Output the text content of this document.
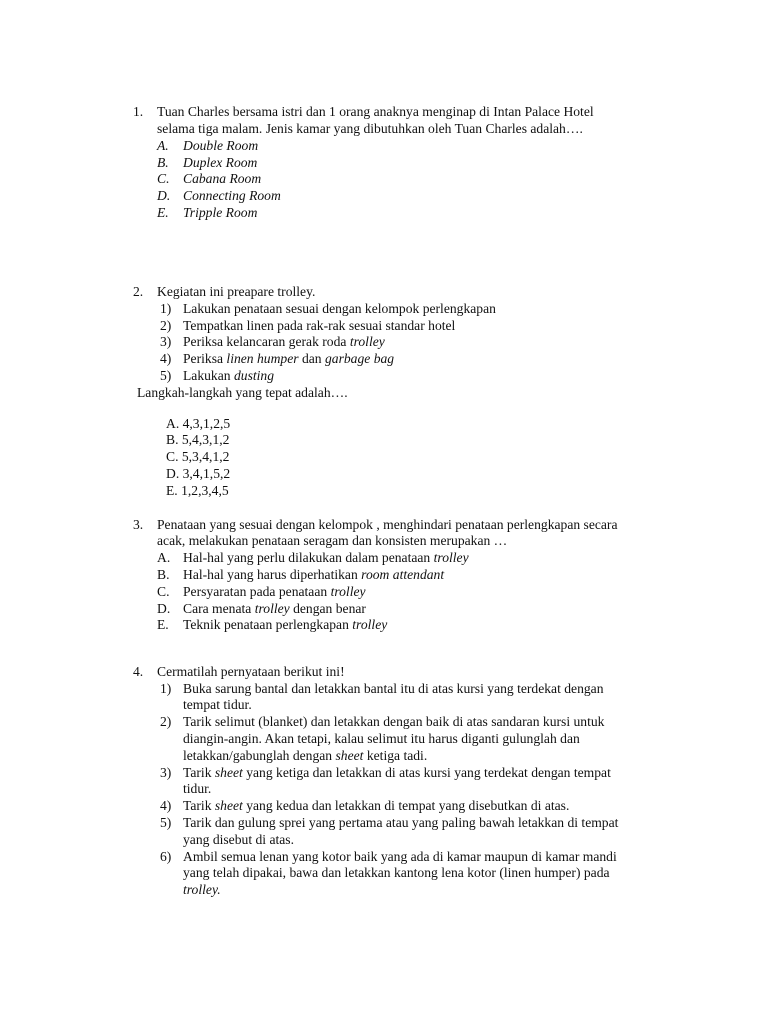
1. Tuan Charles bersama istri dan 1 orang anaknya menginap di Intan Palace Hotel
selama tiga malam. Jenis kamar yang dibutuhkan oleh Tuan Charles adalah….
A. Double Room
B. Duplex Room
C. Cabana Room
D. Connecting Room
E. Tripple Room
2. Kegiatan ini preapare trolley.
1) Lakukan penataan sesuai dengan kelompok perlengkapan
2) Tempatkan linen pada rak-rak sesuai standar hotel
3) Periksa kelancaran gerak roda trolley
4) Periksa linen humper dan garbage bag
5) Lakukan dusting
Langkah-langkah yang tepat adalah….
A. 4,3,1,2,5
B. 5,4,3,1,2
C. 5,3,4,1,2
D. 3,4,1,5,2
E. 1,2,3,4,5
3. Penataan yang sesuai dengan kelompok , menghindari penataan perlengkapan secara
acak, melakukan penataan seragam dan konsisten merupakan …
A. Hal-hal yang perlu dilakukan dalam penataan trolley
B. Hal-hal yang harus diperhatikan room attendant
C. Persyaratan pada penataan trolley
D. Cara menata trolley dengan benar
E. Teknik penataan perlengkapan trolley
4. Cermatilah pernyataan berikut ini!
1) Buka sarung bantal dan letakkan bantal itu di atas kursi yang terdekat dengan
tempat tidur.
2) Tarik selimut (blanket) dan letakkan dengan baik di atas sandaran kursi untuk
diangin-angin. Akan tetapi, kalau selimut itu harus diganti gulunglah dan
letakkan/gabunglah dengan sheet ketiga tadi.
3) Tarik sheet yang ketiga dan letakkan di atas kursi yang terdekat dengan tempat
tidur.
4) Tarik sheet yang kedua dan letakkan di tempat yang disebutkan di atas.
5) Tarik dan gulung sprei yang pertama atau yang paling bawah letakkan di tempat
yang disebut di atas.
6) Ambil semua lenan yang kotor baik yang ada di kamar maupun di kamar mandi
yang telah dipakai, bawa dan letakkan kantong lena kotor (linen humper) pada
trolley.
